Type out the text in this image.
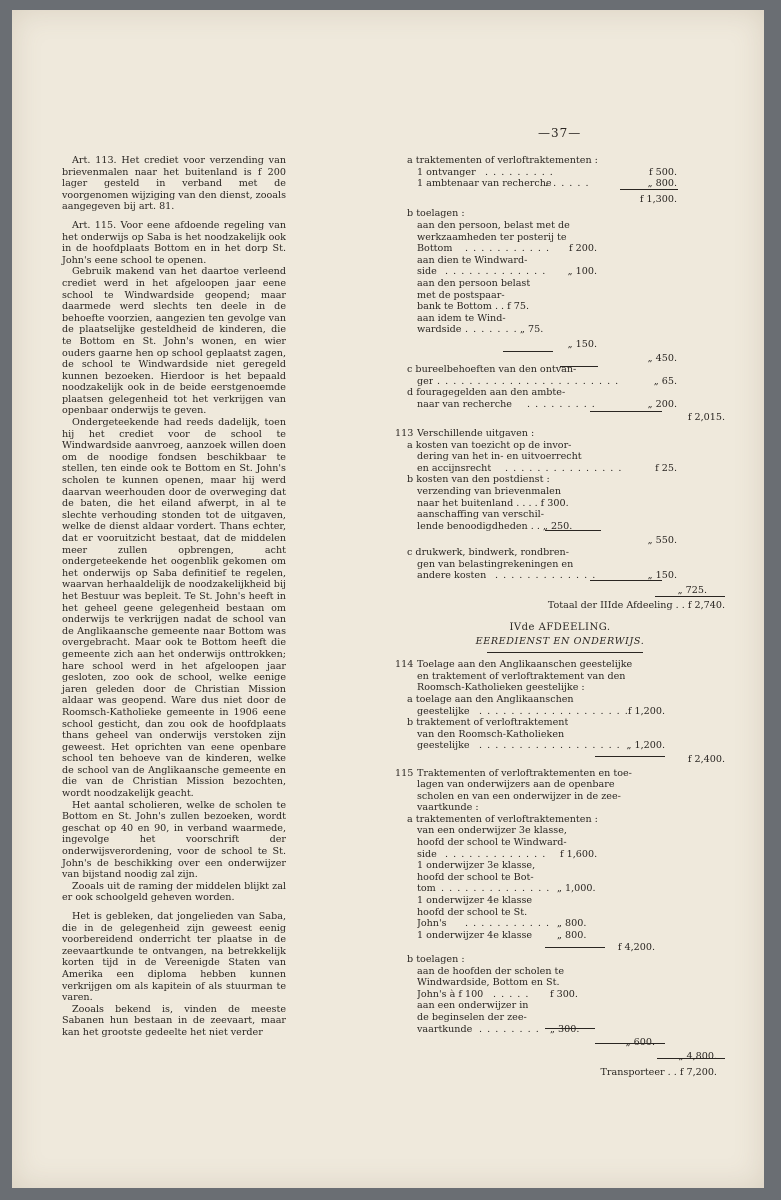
—37—

Art. 113. Het crediet voor verzending van brievenmalen naar het buitenland is f 200 lager gesteld in verband met de voorgenomen wijziging van den dienst, zooals aangegeven bij art. 81.

Art. 115. Voor eene afdoende regeling van het onderwijs op Saba is het noodzakelijk ook in de hoofdplaats Bottom en in het dorp St. John's eene school te openen.

Gebruik makend van het daartoe verleend crediet werd in het afgeloopen jaar eene school te Windwardside geopend; maar daarmede werd slechts ten deele in de behoefte voorzien, aangezien ten gevolge van de plaatselijke gesteldheid de kinderen, die te Bottom en St. John's wonen, en wier ouders gaarne hen op school geplaatst zagen, de school te Windwardside niet geregeld kunnen bezoeken. Hierdoor is het bepaald noodzakelijk ook in de beide eerstgenoemde plaatsen gelegenheid tot het verkrijgen van openbaar onderwijs te geven.

Ondergeteekende had reeds dadelijk, toen hij het crediet voor de school te Windwardside aanvroeg, aanzoek willen doen om de noodige fondsen beschikbaar te stellen, ten einde ook te Bottom en St. John's scholen te kunnen openen, maar hij werd daarvan weerhouden door de overweging dat de baten, die het eiland afwerpt, in al te slechte verhouding stonden tot de uitgaven, welke de dienst aldaar vordert. Thans echter, dat er vooruitzicht bestaat, dat de middelen meer zullen opbrengen, acht ondergeteekende het oogenblik gekomen om het onderwijs op Saba definitief te regelen, waarvan herhaaldelijk de noodzakelijkheid bij het Bestuur was bepleit. Te St. John's heeft in het geheel geene gelegenheid bestaan om onderwijs te verkrijgen nadat de school van de Anglikaansche gemeente naar Bottom was overgebracht. Maar ook te Bottom heeft die gemeente zich aan het onderwijs onttrokken; hare school werd in het afgeloopen jaar gesloten, zoo ook de school, welke eenige jaren geleden door de Christian Mission aldaar was geopend. Ware dus niet door de Roomsch-Katholieke gemeente in 1906 eene school gesticht, dan zou ook de hoofdplaats thans geheel van onderwijs verstoken zijn geweest. Het oprichten van eene openbare school ten behoeve van de kinderen, welke de school van de Anglikaansche gemeente en die van de Christian Mission bezochten, wordt noodzakelijk geacht.

Het aantal scholieren, welke de scholen te Bottom en St. John's zullen bezoeken, wordt geschat op 40 en 90, in verband waarmede, ingevolge het voorschrift der onderwijsverordening, voor de school te St. John's de beschikking over een onderwijzer van bijstand noodig zal zijn.

Zooals uit de raming der middelen blijkt zal er ook schoolgeld geheven worden.

Het is gebleken, dat jongelieden van Saba, die in de gelegenheid zijn geweest eenig voorbereidend onderricht ter plaatse in de zeevaartkunde te ontvangen, na betrekkelijk korten tijd in de Vereenigde Staten van Amerika een diploma hebben kunnen verkrijgen om als kapitein of als stuurman te varen.

Zooals bekend is, vinden de meeste Sabanen hun bestaan in de zeevaart, maar kan het grootste gedeelte het niet verder

a traktementen of verloftraktementen :
1 ontvanger . . . . . . . . .	f 500.
1 ambtenaar van recherche
. . . . . .	„ 800.
f 1,300.
b toelagen :
aan den persoon, belast met de
werkzaamheden ter posterij te
Bottom . . . . . . . . . . . f 200.
aan dien te Windward-
side . . . . . . . . . . . . . „ 100.
aan den persoon belast
met de postspaar-
bank te Bottom . . f 75.
aan idem te Wind-
wardside . . . . . . . „ 75.
„ 150.
„ 450.
c bureelbehoeften van den ontvan-
ger . . . . . . . . . . . . . . . . . . . . . . .	„ 65.
d fouragegelden aan den ambte-
naar van recherche . . . . . . . . .	„ 200.
f 2,015.
113 Verschillende uitgaven :
a kosten van toezicht op de invor-
dering van het in- en uitvoerrecht
en accijnsrecht . . . . . . . . . . . . . . .	f 25.
b kosten van den postdienst :
verzending van brievenmalen
naar het buitenland . . . . f 300.
aanschaffing van verschil-
lende benoodigdheden . . „ 250.
„ 550.
c drukwerk, bindwerk, rondbren-
gen van belastingrekeningen en
andere kosten . . . . . . . . . . . . .	„ 150.
„ 725.
Totaal der IIIde Afdeeling . . f 2,740.
IVde AFDEELING.
EEREDIENST EN ONDERWIJS.
114 Toelage aan den Anglikaanschen geestelijke
en traktement of verloftraktement van den
Roomsch-Katholieken geestelijke :
a toelage aan den Anglikaanschen
geestelijke . . . . . . . . . . . . . . . . . . . f 1,200.
b traktement of verloftraktement
van den Roomsch-Katholieken
geestelijke . . . . . . . . . . . . . . . . . . „ 1,200.
f 2,400.
115 Traktementen of verloftraktementen en toe-
lagen van onderwijzers aan de openbare
scholen en van een onderwijzer in de zee-
vaartkunde :
a traktementen of verloftraktementen :
van een onderwijzer 3e klasse,
hoofd der school te Windward-
side . . . . . . . . . . . . . f 1,600.
1 onderwijzer 3e klasse,
hoofd der school te Bot-
tom . . . . . . . . . . . . . . „ 1,000.
1 onderwijzer 4e klasse
hoofd der school te St.
John's . . . . . . . . . . . „ 800.
1 onderwijzer 4e klasse	„ 800.
f 4,200.
b toelagen :
aan de hoofden der scholen te
Windwardside, Bottom en St.
John's à f 100 . . . . . f 300.
aan een onderwijzer in
de beginselen der zee-
vaartkunde . . . . . . . . „ 300.
„ 600.
„ 4,800.
Transporteer . . f 7,200.
